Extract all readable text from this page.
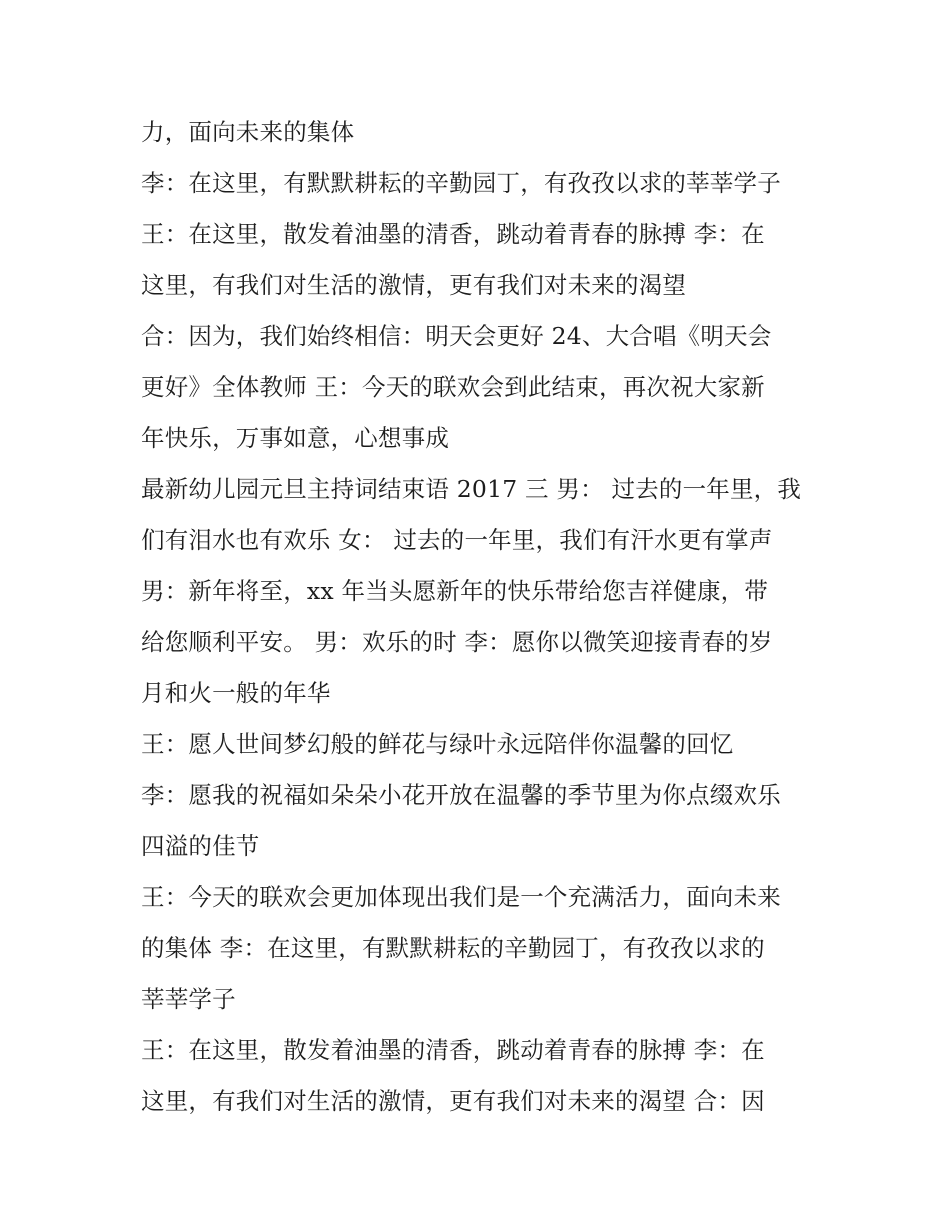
力，面向未来的集体
李：在这里，有默默耕耘的辛勤园丁，有孜孜以求的莘莘学子
王：在这里，散发着油墨的清香，跳动着青春的脉搏 李：在
这里，有我们对生活的激情，更有我们对未来的渴望
合：因为，我们始终相信：明天会更好 24、大合唱《明天会
更好》全体教师 王：今天的联欢会到此结束，再次祝大家新
年快乐，万事如意，心想事成
最新幼儿园元旦主持词结束语 2017 三 男： 过去的一年里，我
们有泪水也有欢乐 女： 过去的一年里，我们有汗水更有掌声
男：新年将至，xx 年当头愿新年的快乐带给您吉祥健康，带
给您顺利平安。 男：欢乐的时 李：愿你以微笑迎接青春的岁
月和火一般的年华
王：愿人世间梦幻般的鲜花与绿叶永远陪伴你温馨的回忆
李：愿我的祝福如朵朵小花开放在温馨的季节里为你点缀欢乐
四溢的佳节
王：今天的联欢会更加体现出我们是一个充满活力，面向未来
的集体 李：在这里，有默默耕耘的辛勤园丁，有孜孜以求的
莘莘学子
王：在这里，散发着油墨的清香，跳动着青春的脉搏 李：在
这里，有我们对生活的激情，更有我们对未来的渴望 合：因
